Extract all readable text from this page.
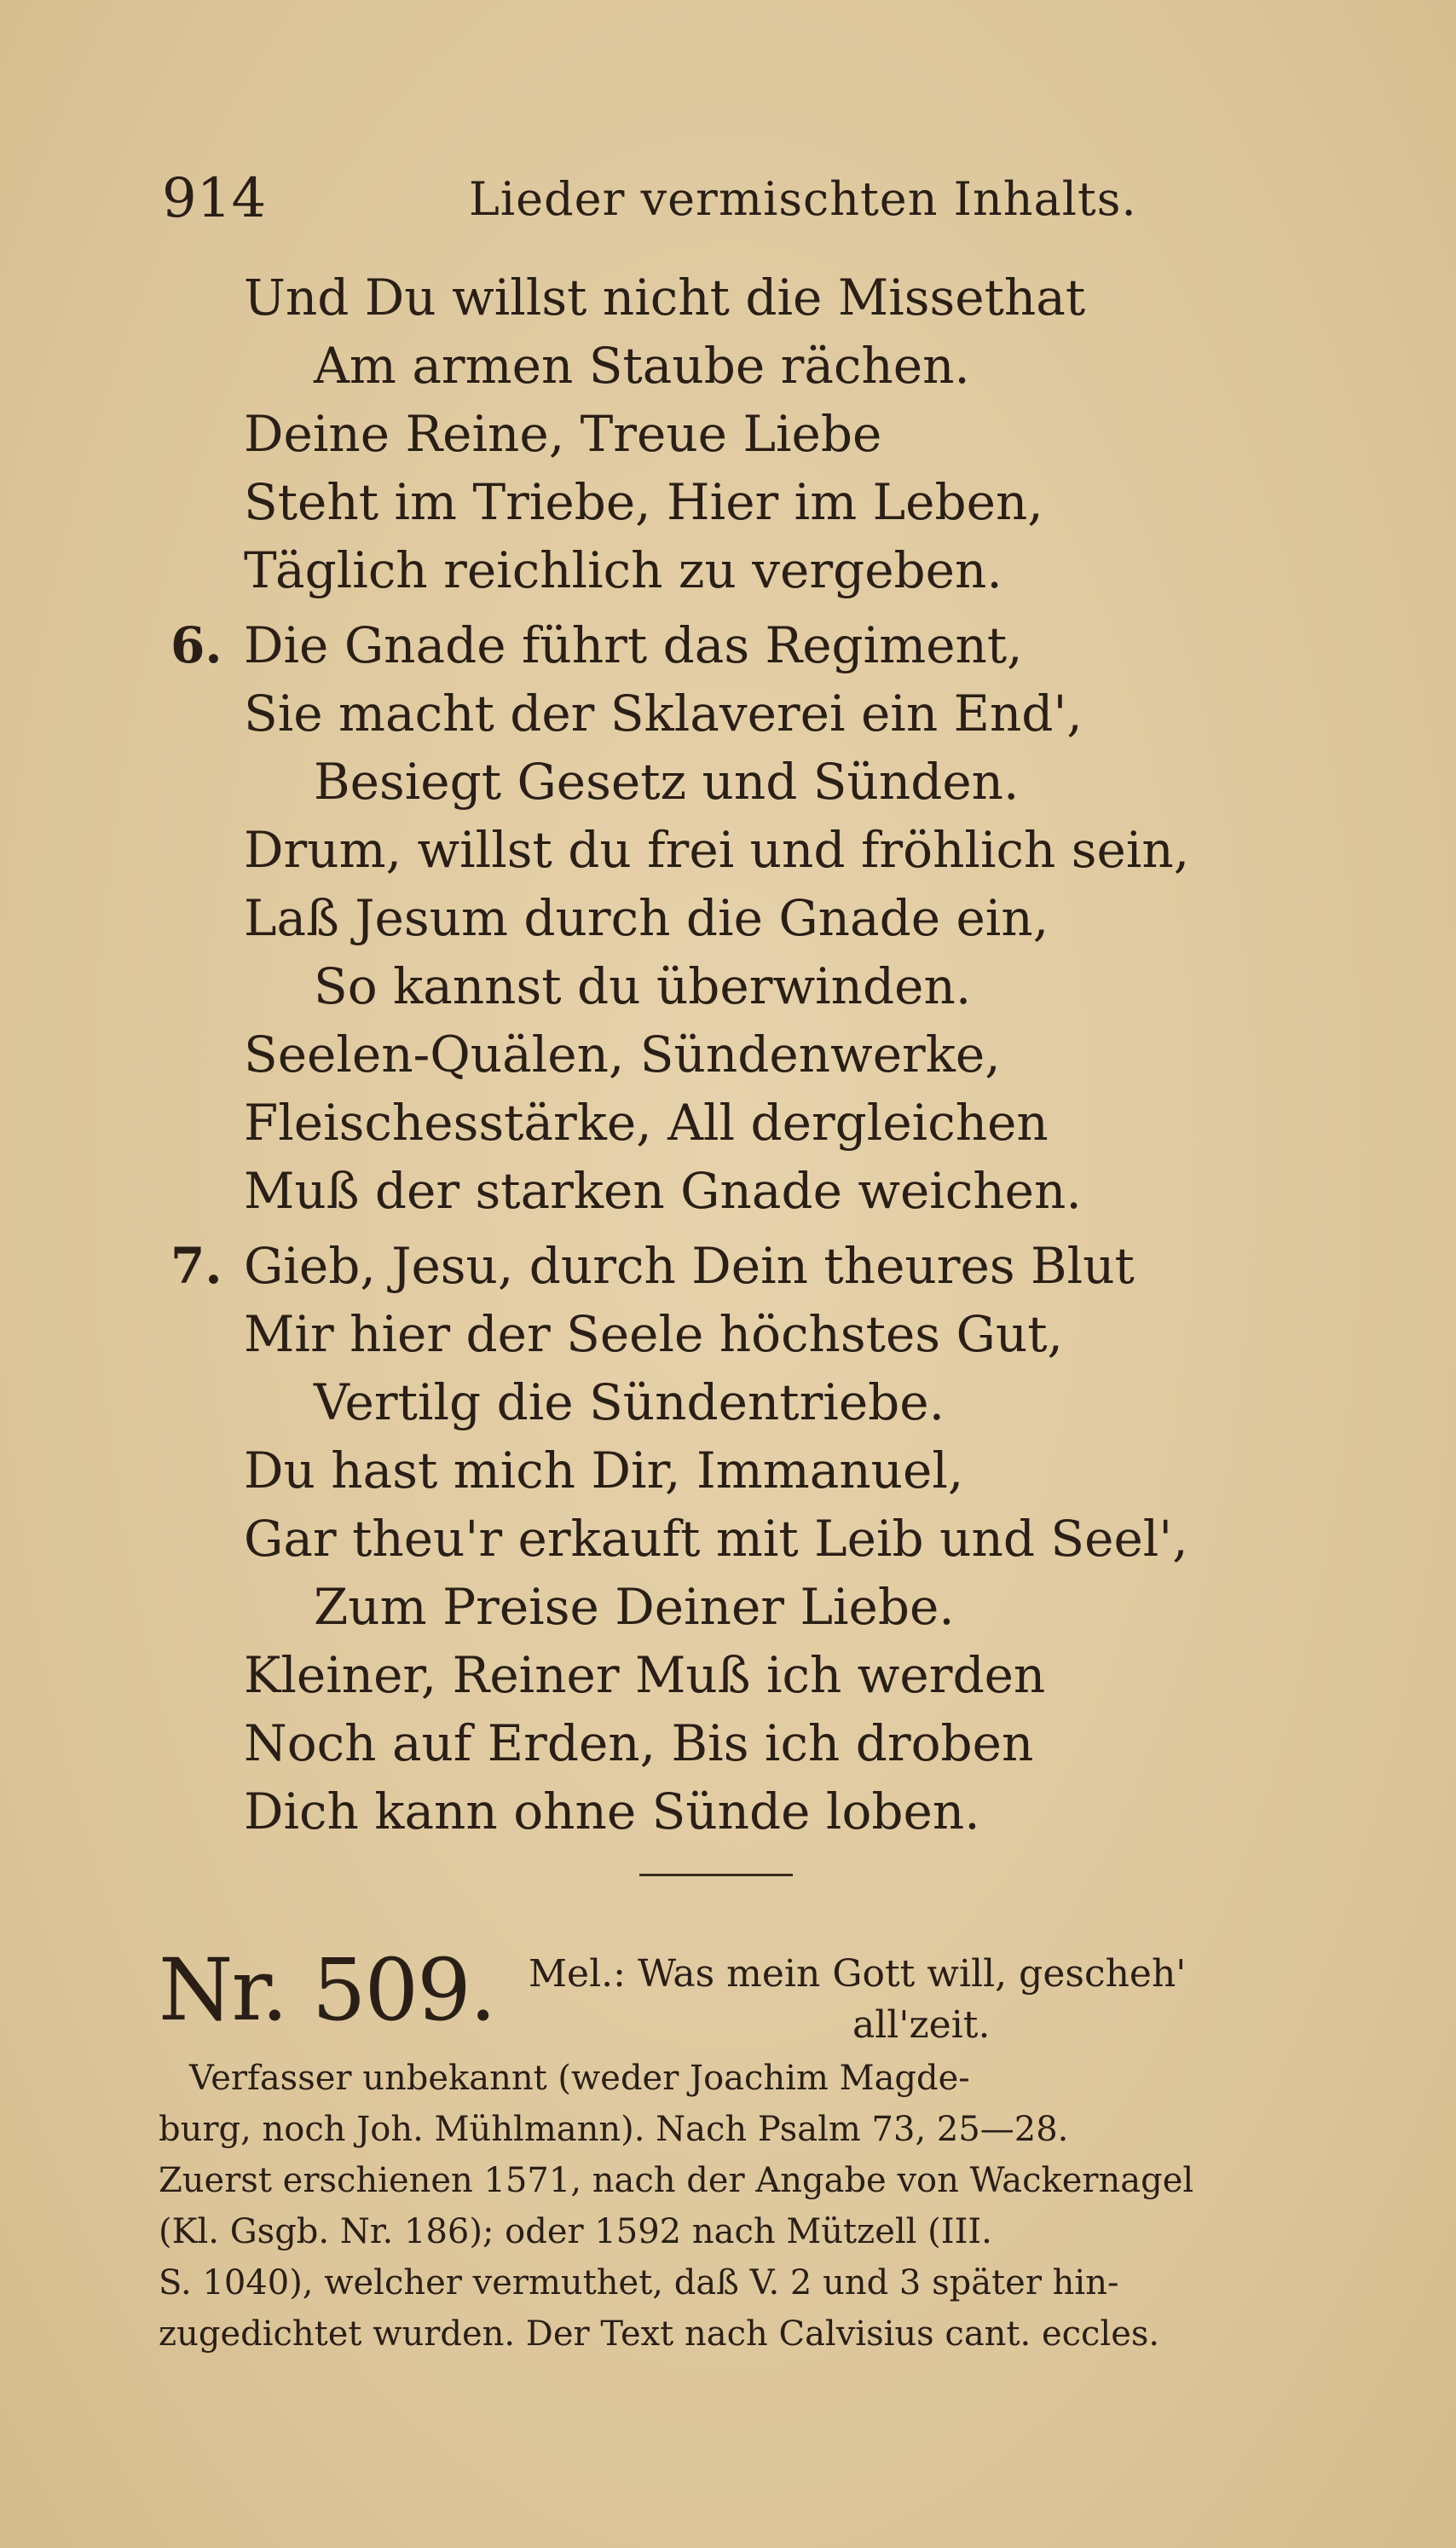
914	Lieder vermischten Inhalts.
Und Du willst nicht die Missethat
Am armen Staube rächen.
Deine Reine, Treue Liebe
Steht im Triebe, Hier im Leben,
Täglich reichlich zu vergeben.
6. Die Gnade führt das Regiment,
Sie macht der Sklaverei ein End',
Besiegt Gesetz und Sünden.
Drum, willst du frei und fröhlich sein,
Laß Jesum durch die Gnade ein,
So kannst du überwinden.
Seelen-Quälen, Sündenwerke,
Fleischesstärke, All dergleichen
Muß der starken Gnade weichen.
7. Gieb, Jesu, durch Dein theures Blut
Mir hier der Seele höchstes Gut,
Vertilg die Sündentriebe.
Du hast mich Dir, Immanuel,
Gar theu'r erkauft mit Leib und Seel',
Zum Preise Deiner Liebe.
Kleiner, Reiner Muß ich werden
Noch auf Erden, Bis ich droben
Dich kann ohne Sünde loben.
Nr. 509. Mel.: Was mein Gott will, gescheh'
all'zeit.
Verfasser unbekannt (weder Joachim Magde-
burg, noch Joh. Mühlmann). Nach Psalm 73, 25—28.
Zuerst erschienen 1571, nach der Angabe von Wackernagel
(Kl. Gsgb. Nr. 186); oder 1592 nach Mützell (III.
S. 1040), welcher vermuthet, daß V. 2 und 3 später hin-
zugedichtet wurden. Der Text nach Calvisius cant. eccles.
